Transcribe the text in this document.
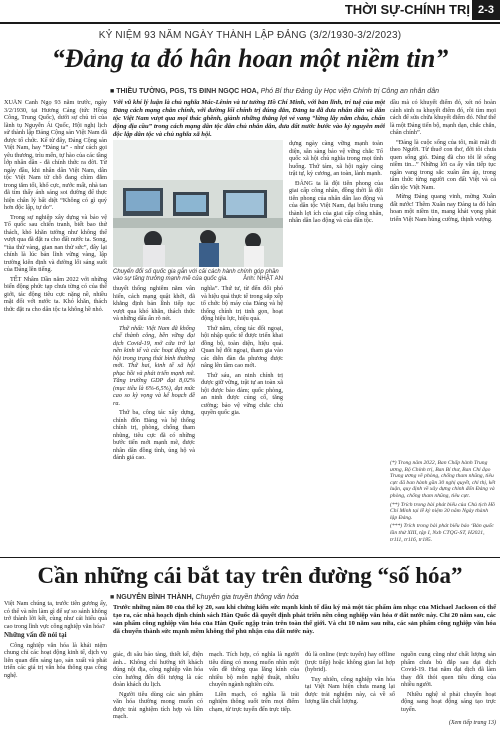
THỜI SỰ-CHÍNH TRỊ 2-3
KỶ NIỆM 93 NĂM NGÀY THÀNH LẬP ĐẢNG (3/2/1930-3/2/2023)
“Đảng ta đó hân hoan một niềm tin”
■ THIỀU TƯỜNG, PGS, TS ĐINH NGỌC HOA, Phó Bí thư Đảng ủy Học viện Chính trị Công an nhân dân

XUÂN Canh Ngọ 93 năm trước, ngày 3/2/1930, tại Hương Cảng (tức Hồng Công, Trung Quốc), dưới sự chủ trì của lãnh tụ Nguyễn Ái Quốc, Hội nghị lịch sử thành lập Đảng Cộng sản Việt Nam đã được tổ chức. Kể từ đây, Đảng Cộng sản Việt Nam, hay “Đảng ta” - như cách gọi yêu thương, trìu mến, tự hào của các tầng lớp nhân dân - đã chính thức ra đời. Từ ngày đầu, khi nhân dân Việt Nam, dân tộc Việt Nam từ chỗ đang chìm đắm trong tăm tối, khổ cực, nước mất, nhà tan đã tìm thấy ánh sáng soi đường để thực hiện chân lý bất diệt “Không có gì quý hơn độc lập, tự do”.

Trong sự nghiệp xây dựng và bảo vệ Tổ quốc sau chiến tranh, biết bao thử thách, khó khăn tưởng như không thể vượt qua đã đặt ra cho đất nước ta. Song, “tùa thử vàng, gian nan thử sức”, đây lại chính là lúc bản lĩnh vững vàng, lập trường kiên định và đường lối sáng suốt của Đảng lên tiếng.

TẾT Nhâm Dần năm 2022 với những biến động phức tạp chưa từng có của thế giới, tác động tiêu cực nặng nề, nhiều mặt đối với nước ta. Khó khăn, thách thức đặt ra cho dân tộc ta không hề nhỏ.

Với vũ khí lý luận là chủ nghĩa Mác-Lênin và tư tưởng Hồ Chí Minh, với bản lĩnh, trí tuệ của một Đảng cách mạng chân chính, với đường lối chính trị đúng đắn, Đảng ta đã đưa nhân dân và dân tộc Việt Nam vượt qua mọi thác ghềnh, giành những thắng lợi vẻ vang “lừng lẫy năm châu, chấn động địa cầu” trong cách mạng dân tộc dân chủ nhân dân, đưa đất nước bước vào kỷ nguyên mới độc lập dân tộc và chủ nghĩa xã hội.
Chuyển đổi số quốc gia gắn với cải cách hành chính góp phần vào sự tăng trưởng mạnh mẽ của quốc gia.	Ảnh: NHẬT AN

thuyết thống nghiêm năm vân hiến, cách mạng quật khởi, đã khẳng định bản lĩnh tiếp tục vượt qua khó khăn, thách thức và những dấu ấn rõ nét.

Thứ nhất: Việt Nam đã khống chế thành công, bền vững đại dịch Covid-19, mở cửa trở lại nền kinh tế và các hoạt động xã hội trong trạng thái bình thường mới. Thứ hai, kinh tế xã hội phục hồi và phát triển mạnh mẽ. Tăng trưởng GDP đạt 8,02% (mục tiêu là 6%-6,5%), đạt mức cao so kỳ vọng và kế hoạch đề ra.

Thứ ba, công tác xây dựng, chỉnh đốn Đảng và hệ thống chính trị, phòng, chống tham nhũng, tiêu cực đã có những bước tiến mới mạnh mẽ, được nhân dân đồng tình, ủng hộ và đánh giá cao.

nghĩa”. Thứ tư, từ đến đối phó và hiệu quả thực tế trong sắp xếp tổ chức bộ máy của Đảng và hệ thống chính trị tinh gọn, hoạt động hiệu lực, hiệu quả.

Thứ năm, công tác đối ngoại, hội nhập quốc tế được triển khai đồng bộ, toàn diện, hiệu quả. Quan hệ đối ngoại, tham gia vào các diễn đàn đa phương được nâng lên tầm cao mới.

Thứ sáu, an ninh chính trị được giữ vững, trật tự an toàn xã hội được bảo đảm; quốc phòng, an ninh được củng cố, tăng cường; bảo vệ vững chắc chủ quyền quốc gia.

dựng ngày càng vững mạnh toàn diện, sẵn sàng bảo vệ vững chắc Tổ quốc xã hội chủ nghĩa trong mọi tình huống. Thứ tám, xã hội ngày càng trật tự, kỷ cương, an toàn, lành mạnh.

ĐẢNG ta là đội tiên phong của giai cấp công nhân, đồng thời là đội tiên phong của nhân dân lao động và của dân tộc Việt Nam, đại biểu trung thành lợi ích của giai cấp công nhân, nhân dân lao động và của dân tộc.

dầu mà có khuyết điểm đó, xét nó hoàn cảnh sinh ra khuyết điểm đó, rồi tìm mọi cách để sửa chữa khuyết điểm đó. Như thế là một Đảng tiến bộ, mạnh dạn, chắc chắn, chân chính”.

“Đảng là cuộc sống của tôi, mãi mãi đi theo Người. Từ thuở con thơ, đời tôi chưa quen sống gió. Đảng đã cho tôi lẽ sống niềm tin...” Những lời ca ấy vẫn tiếp tục ngân vang trong sắc xuân ấm áp, trong tâm thức từng người con đất Việt và cả dân tộc Việt Nam.

Mừng Đảng quang vinh, mừng Xuân đất nước! Thêm Xuân nay Đảng ta đó hân hoan một niềm tin, mang khát vọng phát triển Việt Nam hùng cường, thịnh vượng.

(*) Trong năm 2022, Ban Chấp hành Trung ương, Bộ Chính trị, Ban Bí thư, Ban Chỉ đạo Trung ương về phòng, chống tham nhũng, tiêu cực đã ban hành gần 30 nghị quyết, chỉ thị, kết luận, quy định về xây dựng chỉnh đốn Đảng và phòng, chống tham nhũng, tiêu cực.

(**) Trích trong bài phát biểu của Chủ tịch Hồ Chí Minh tại lễ kỷ niệm 30 năm Ngày thành lập Đảng.

(***) Trích trong bài phát biểu báo ‘Bản quốc lần thứ XIII, tập I, Nxb CTQG-ST, H2021, tr111, tr116, tr185.

Cần những cái bắt tay trên đường “số hóa”
■ NGUYỄN BÌNH THÀNH, Chuyên gia truyền thông văn hóa
Trước những năm 80 của thế kỷ 20, sau khi chứng kiến sức mạnh kinh tế đầu ký mà một tác phẩm âm nhạc của Michael Jackson có thể tạo ra, các nhà hoạch định chính sách Hàn Quốc đã quyết định phát triển nền công nghiệp văn hóa ở đất nước này. Chỉ 20 năm sau, các sản phẩm công nghiệp văn hóa của Hàn Quốc ngập tràn trên toàn thế giới. Và chỉ 10 năm sau nữa, các sản phẩm công nghiệp văn hóa đã chuyển thành sức mạnh mềm không thể phủ nhận của đất nước này.

Việt Nam chúng ta, trước tiên gương ấy, có thể và nên làm gì để sự so sánh không trở thành lời kết, cùng như cái hiểu quả cao trong lĩnh vực công nghiệp văn hóa?

Những vấn đề nói tại

Công nghiệp văn hóa là khái niệm chung chỉ các hoạt động kinh tế, dịch vụ liên quan đến sáng tạo, sản xuất và phát triển các giá trị văn hóa thông qua công nghệ.

giác, đi sâu bảo tàng, thiết kế, điện ảnh... Không chỉ hướng tới khách đúng nội địa, công nghiệp văn hóa còn hướng đến đối tượng là các đoàn khách du lịch.

Người tiêu dùng các sản phẩm văn hóa thường mong muốn có được trải nghiệm tích hợp và liền mạch.

mạch. Tích hợp, có nghĩa là người tiêu dùng có mong muốn nhìn một vấn đề thông qua lăng kính của nhiều bộ môn nghệ thuật, nhiều chuyên ngành nghiên cứu.

Liền mạch, có nghĩa là trải nghiệm thông suốt trên mọi điểm chạm, từ trực tuyến đến trực tiếp.

đủ là online (trực tuyến) hay offline (trực tiếp) hoặc không gian lai hợp (hybrid).

Tuy nhiên, công nghiệp văn hóa tại Việt Nam hiện chưa mang lại được trải nghiệm này, cả về số lượng lẫn chất lượng.

nguồn cung cũng như chất lượng sản phẩm chưa bù đắp sau đại dịch Covid-19. Hai năm đại dịch đã làm thay đổi thói quen tiêu dùng của nhiều người.

Nhiều nghệ sĩ phải chuyển hoạt động sang hoạt động sáng tạo trực tuyến.

(Xem tiếp trang 13)
